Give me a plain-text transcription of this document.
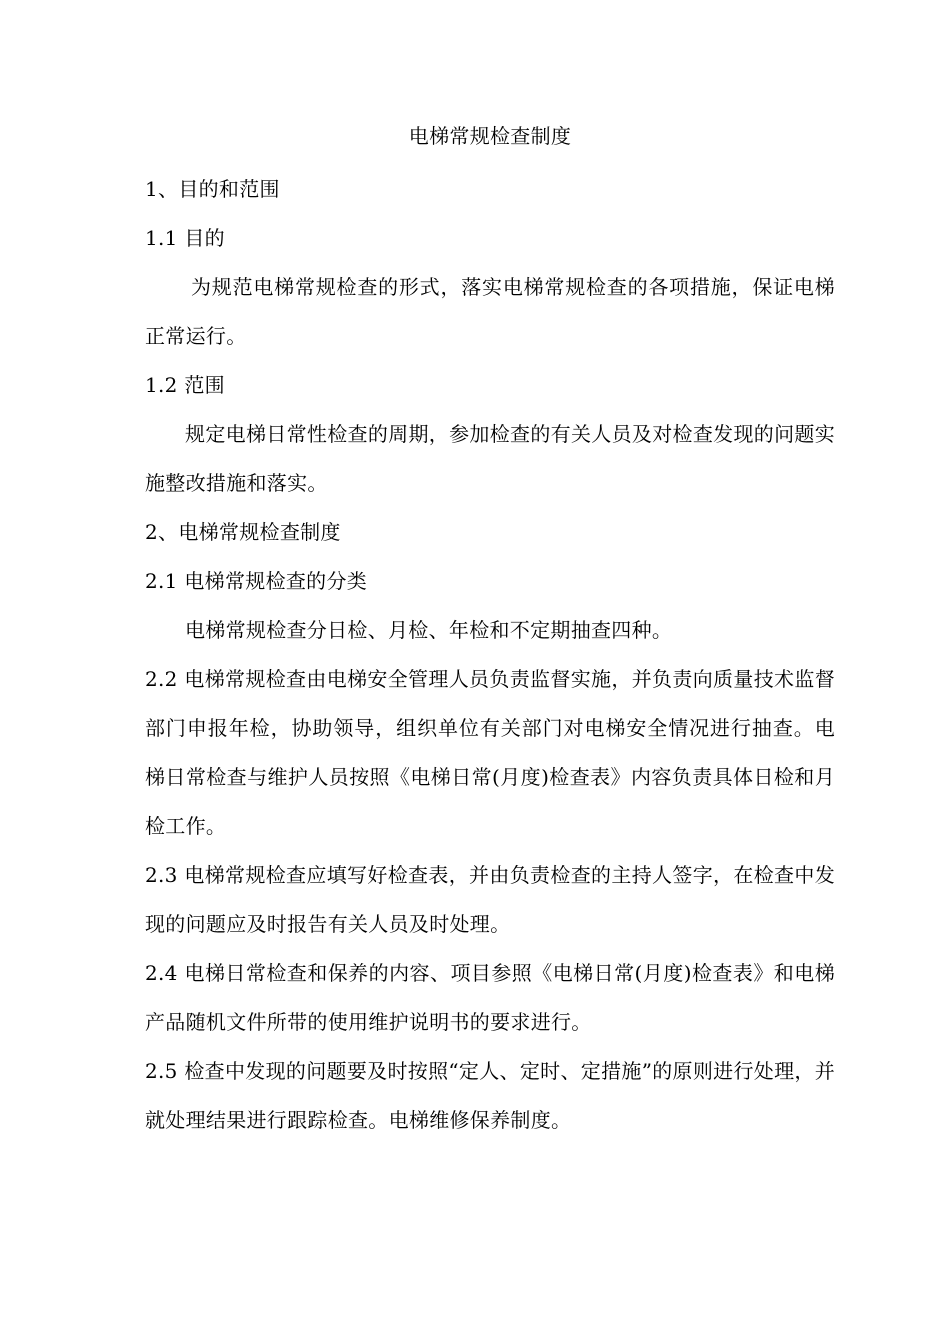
电梯常规检查制度

1、目的和范围

1.1 目的

为规范电梯常规检查的形式，落实电梯常规检查的各项措施，保证电梯正常运行。

1.2 范围

规定电梯日常性检查的周期，参加检查的有关人员及对检查发现的问题实施整改措施和落实。

2、电梯常规检查制度

2.1 电梯常规检查的分类

电梯常规检查分日检、月检、年检和不定期抽查四种。

2.2 电梯常规检查由电梯安全管理人员负责监督实施，并负责向质量技术监督部门申报年检，协助领导，组织单位有关部门对电梯安全情况进行抽查。电梯日常检查与维护人员按照《电梯日常(月度)检查表》内容负责具体日检和月检工作。

2.3 电梯常规检查应填写好检查表，并由负责检查的主持人签字，在检查中发现的问题应及时报告有关人员及时处理。

2.4 电梯日常检查和保养的内容、项目参照《电梯日常(月度)检查表》和电梯产品随机文件所带的使用维护说明书的要求进行。

2.5 检查中发现的问题要及时按照“定人、定时、定措施”的原则进行处理，并就处理结果进行跟踪检查。电梯维修保养制度。
